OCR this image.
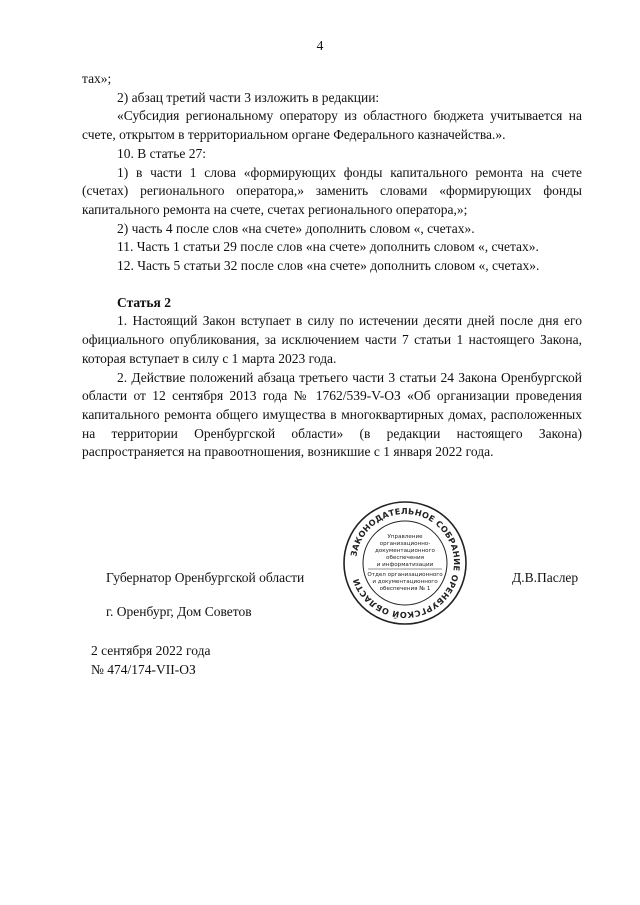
4

тах»;

2) абзац третий части 3 изложить в редакции:

«Субсидия региональному оператору из областного бюджета учитывается на счете, открытом в территориальном органе Федерального казначейства.».

10. В статье 27:

1) в части 1 слова «формирующих фонды капитального ремонта на счете (счетах) регионального оператора,» заменить словами «формирующих фонды капитального ремонта на счете, счетах регионального оператора,»;

2) часть 4 после слов «на счете» дополнить словом «, счетах».

11. Часть 1 статьи 29 после слов «на счете» дополнить словом «, счетах».

12. Часть 5 статьи 32 после слов «на счете» дополнить словом «, счетах».

Статья 2

1. Настоящий Закон вступает в силу по истечении десяти дней после дня его официального опубликования, за исключением части 7 статьи 1 настоящего Закона, которая вступает в силу с 1 марта 2023 года.

2. Действие положений абзаца третьего части 3 статьи 24 Закона Оренбургской области от 12 сентября 2013 года № 1762/539-V-ОЗ «Об организации проведения капитального ремонта общего имущества в многоквартирных домах, расположенных на территории Оренбургской области» (в редакции настоящего Закона) распространяется на правоотношения, возникшие с 1 января 2022 года.

Губернатор Оренбургской области	Д.В.Паслер
г. Оренбург, Дом Советов
2 сентября 2022 года
№ 474/174-VII-ОЗ
ЗАКОНОДАТЕЛЬНОЕ СОБРАНИЕ ОРЕНБУРГСКОЙ ОБЛАСТИ
Управление
организационно-
документационного
обеспечения
и информатизации
Отдел организационного
и документационного
обеспечения № 1
